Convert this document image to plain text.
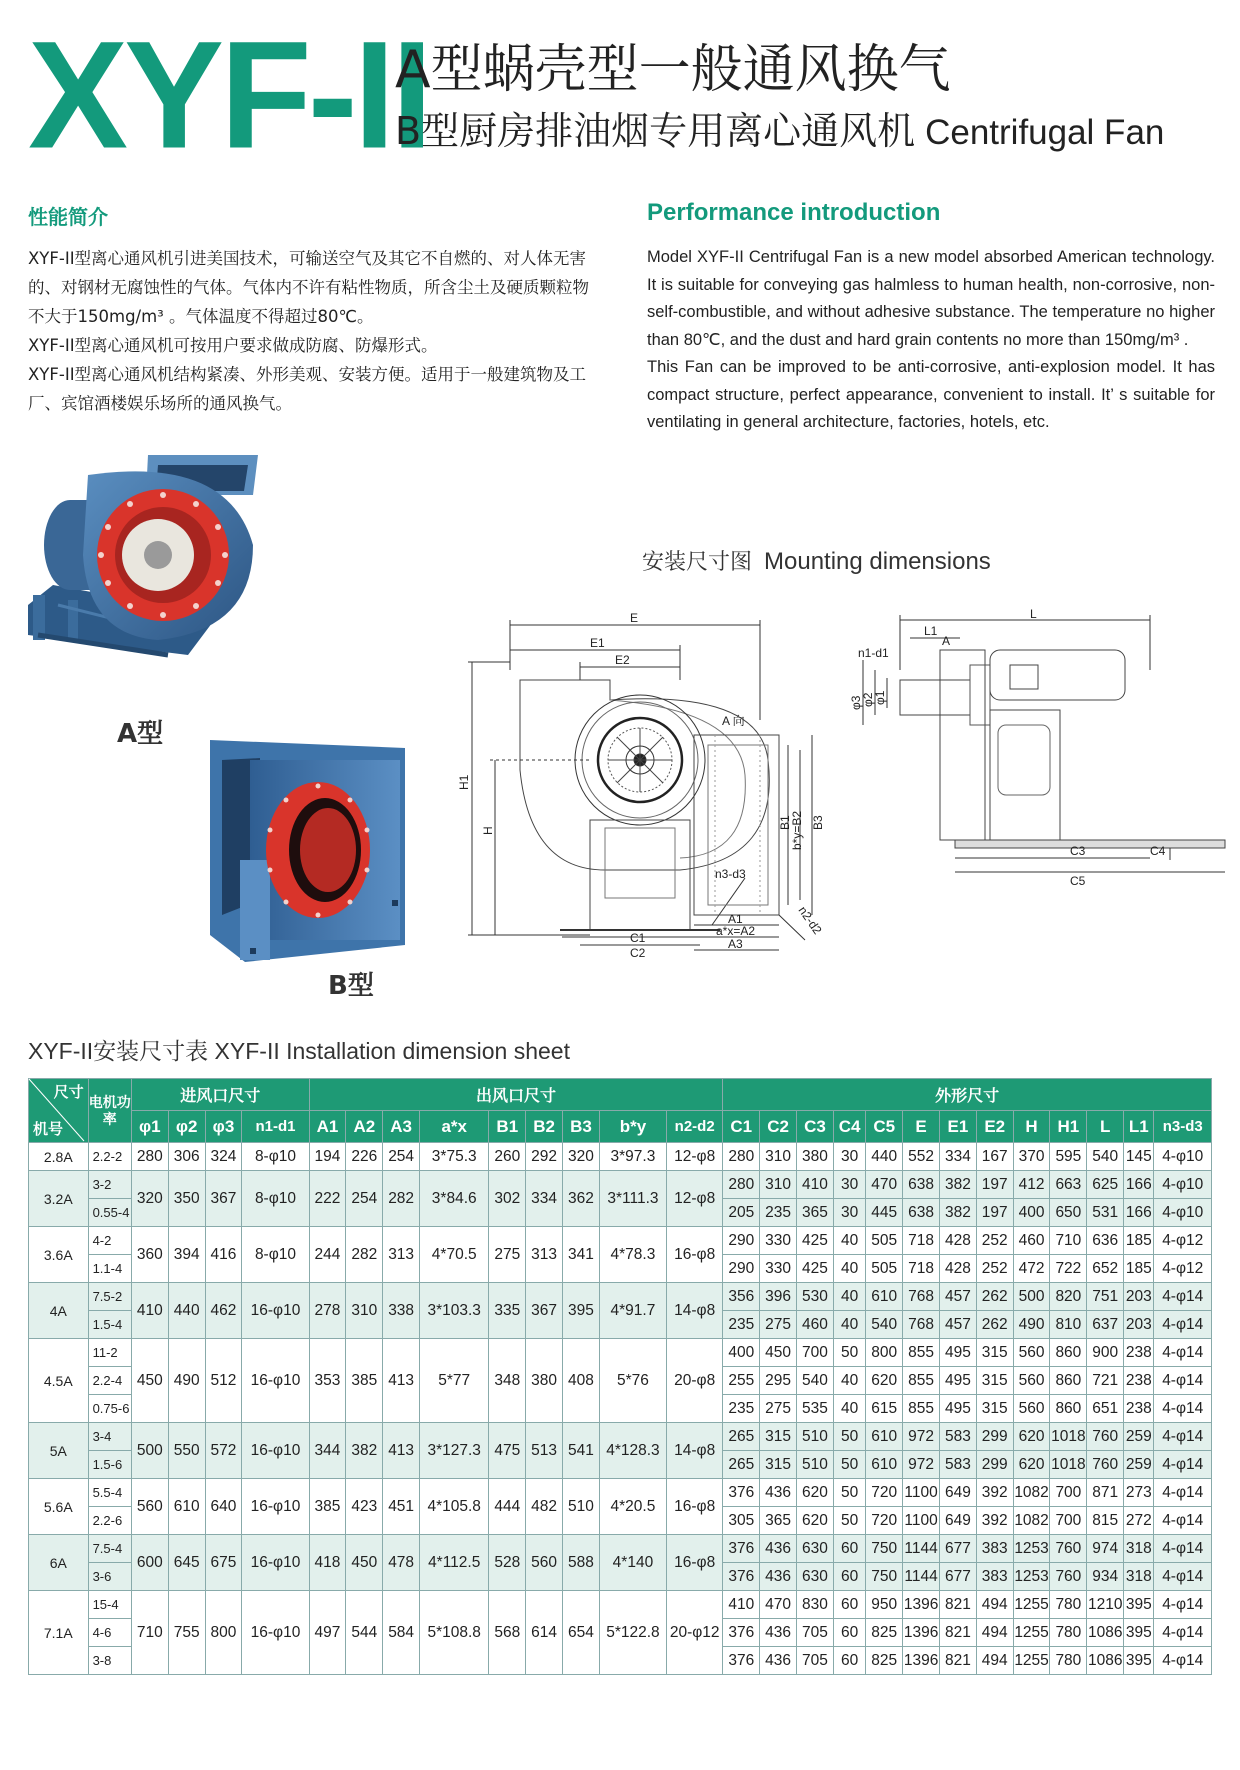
XYF-II
A型蜗壳型一般通风换气
B型厨房排油烟专用离心通风机 Centrifugal Fan
性能简介

XYF-II型离心通风机引进美国技术，可输送空气及其它不自燃的、对人体无害的、对钢材无腐蚀性的气体。气体内不许有粘性物质，所含尘土及硬质颗粒物不大于150mg/m³ 。气体温度不得超过80℃。

XYF-II型离心通风机可按用户要求做成防腐、防爆形式。

XYF-II型离心通风机结构紧凑、外形美观、安装方便。适用于一般建筑物及工厂、宾馆酒楼娱乐场所的通风换气。

Performance introduction

Model XYF-II Centrifugal Fan is a new model absorbed American technology. It is suitable for conveying gas halmless to human health, non-corrosive, non-self-combustible, and without adhesive substance. The temperature no higher than 80℃, and the dust and hard grain contents no more than 150mg/m³ .

This Fan can be improved to be anti-corrosive, anti-explosion model. It has compact structure, perfect appearance, convenient to install. It’ s suitable for ventilating in general architecture, factories, hotels, etc.

A型
B型
安装尺寸图 Mounting dimensions
E
E1
E2
H1
H
C1
C2
n3-d3
A 向
A1
a*x=A2
A3
B1
b*y=B2 B3
n2-d2
L
L1
A
n1-d1
φ3
φ2
φ1
C3	C4
C5
XYF-II安装尺寸表 XYF-II Installation dimension sheet
尺寸
机号	电机功率	进风口尺寸				出风口尺寸									外形尺寸												
		φ1	φ2	φ3	n1-d1	A1	A2	A3	a*x	B1	B2	B3	b*y	n2-d2	C1	C2	C3	C4	C5	E	E1	E2	H	H1	L	L1	n3-d3
2.8A	2.2-2	280	306	324	8-φ10	194	226	254	3*75.3	260	292	320	3*97.3	12-φ8	280	310	380	30	440	552	334	167	370	595	540	145	4-φ10
3.2A	3-2	320	350	367	8-φ10	222	254	282	3*84.6	302	334	362	3*111.3	12-φ8	280	310	410	30	470	638	382	197	412	663	625	166	4-φ10
	0.55-4														205	235	365	30	445	638	382	197	400	650	531	166	4-φ10
3.6A	4-2	360	394	416	8-φ10	244	282	313	4*70.5	275	313	341	4*78.3	16-φ8	290	330	425	40	505	718	428	252	460	710	636	185	4-φ12
	1.1-4														290	330	425	40	505	718	428	252	472	722	652	185	4-φ12
4A	7.5-2	410	440	462	16-φ10	278	310	338	3*103.3	335	367	395	4*91.7	14-φ8	356	396	530	40	610	768	457	262	500	820	751	203	4-φ14
	1.5-4														235	275	460	40	540	768	457	262	490	810	637	203	4-φ14
4.5A	11-2	450	490	512	16-φ10	353	385	413	5*77	348	380	408	5*76	20-φ8	400	450	700	50	800	855	495	315	560	860	900	238	4-φ14
	2.2-4														255	295	540	40	620	855	495	315	560	860	721	238	4-φ14
	0.75-6														235	275	535	40	615	855	495	315	560	860	651	238	4-φ14
5A	3-4	500	550	572	16-φ10	344	382	413	3*127.3	475	513	541	4*128.3	14-φ8	265	315	510	50	610	972	583	299	620	1018	760	259	4-φ14
	1.5-6														265	315	510	50	610	972	583	299	620	1018	760	259	4-φ14
5.6A	5.5-4	560	610	640	16-φ10	385	423	451	4*105.8	444	482	510	4*20.5	16-φ8	376	436	620	50	720	1100	649	392	1082	700	871	273	4-φ14
	2.2-6														305	365	620	50	720	1100	649	392	1082	700	815	272	4-φ14
6A	7.5-4	600	645	675	16-φ10	418	450	478	4*112.5	528	560	588	4*140	16-φ8	376	436	630	60	750	1144	677	383	1253	760	974	318	4-φ14
	3-6														376	436	630	60	750	1144	677	383	1253	760	934	318	4-φ14
7.1A	15-4	710	755	800	16-φ10	497	544	584	5*108.8	568	614	654	5*122.8	20-φ12	410	470	830	60	950	1396	821	494	1255	780	1210	395	4-φ14
	4-6														376	436	705	60	825	1396	821	494	1255	780	1086	395	4-φ14
	3-8														376	436	705	60	825	1396	821	494	1255	780	1086	395	4-φ14
